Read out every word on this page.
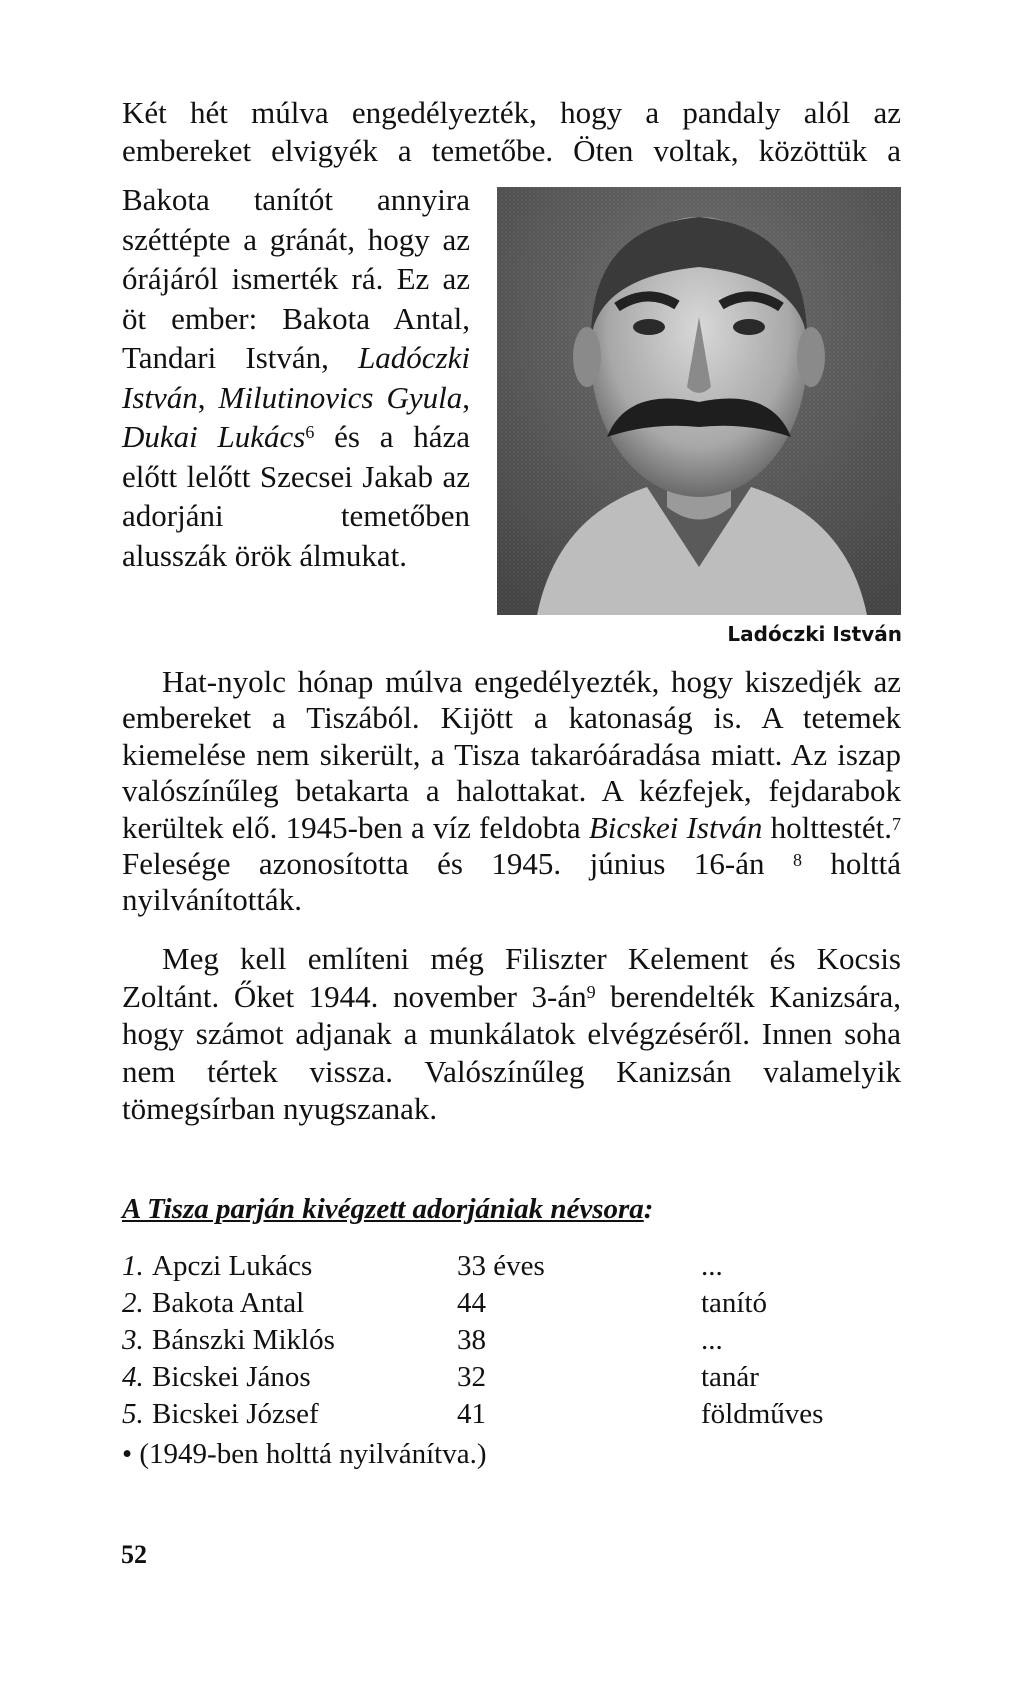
Két hét múlva engedélyezték, hogy a pandaly alól az embereket elvigyék a temetőbe. Öten voltak, közöttük a

Bakota tanítót annyira széttépte a gránát, hogy az órájáról ismerték rá. Ez az öt ember: Bakota Antal, Tandari István, Ladóczki István, Milutinovics Gyula, Dukai Lukács$^6$ és a háza előtt lelőtt Szecsei Jakab az adorjáni temetőben alusszák örök álmukat.

Ladóczki István

Hat-nyolc hónap múlva engedélyezték, hogy kiszedjék az embereket a Tiszából. Kijött a katonaság is. A tetemek kiemelése nem sikerült, a Tisza takaróáradása miatt. Az iszap valószínűleg betakarta a halottakat. A kézfejek, fejdarabok kerültek elő. 1945-ben a víz feldobta Bicskei István holttestét.$^7$ Felesége azonosította és 1945. június 16-án $^8$ holttá nyilvánították.

Meg kell említeni még Filiszter Kelement és Kocsis Zoltánt. Őket 1944. november $3-án^9$ berendelték Kanizsára, hogy számot adjanak a munkálatok elvégzéséről. Innen soha nem tértek vissza. Valószínűleg Kanizsán valamelyik tömegsírban nyugszanak.

A Tisza parján kivégzett adorjániak névsora:

1. Apczi Lukács	33 éves	...
2. Bakota Antal	44	tanító
3. Bánszki Miklós	38	...
4. Bicskei János	32	tanár
5. Bicskei József	41	földműves
• (1949-ben holttá nyilvánítva.)
52
